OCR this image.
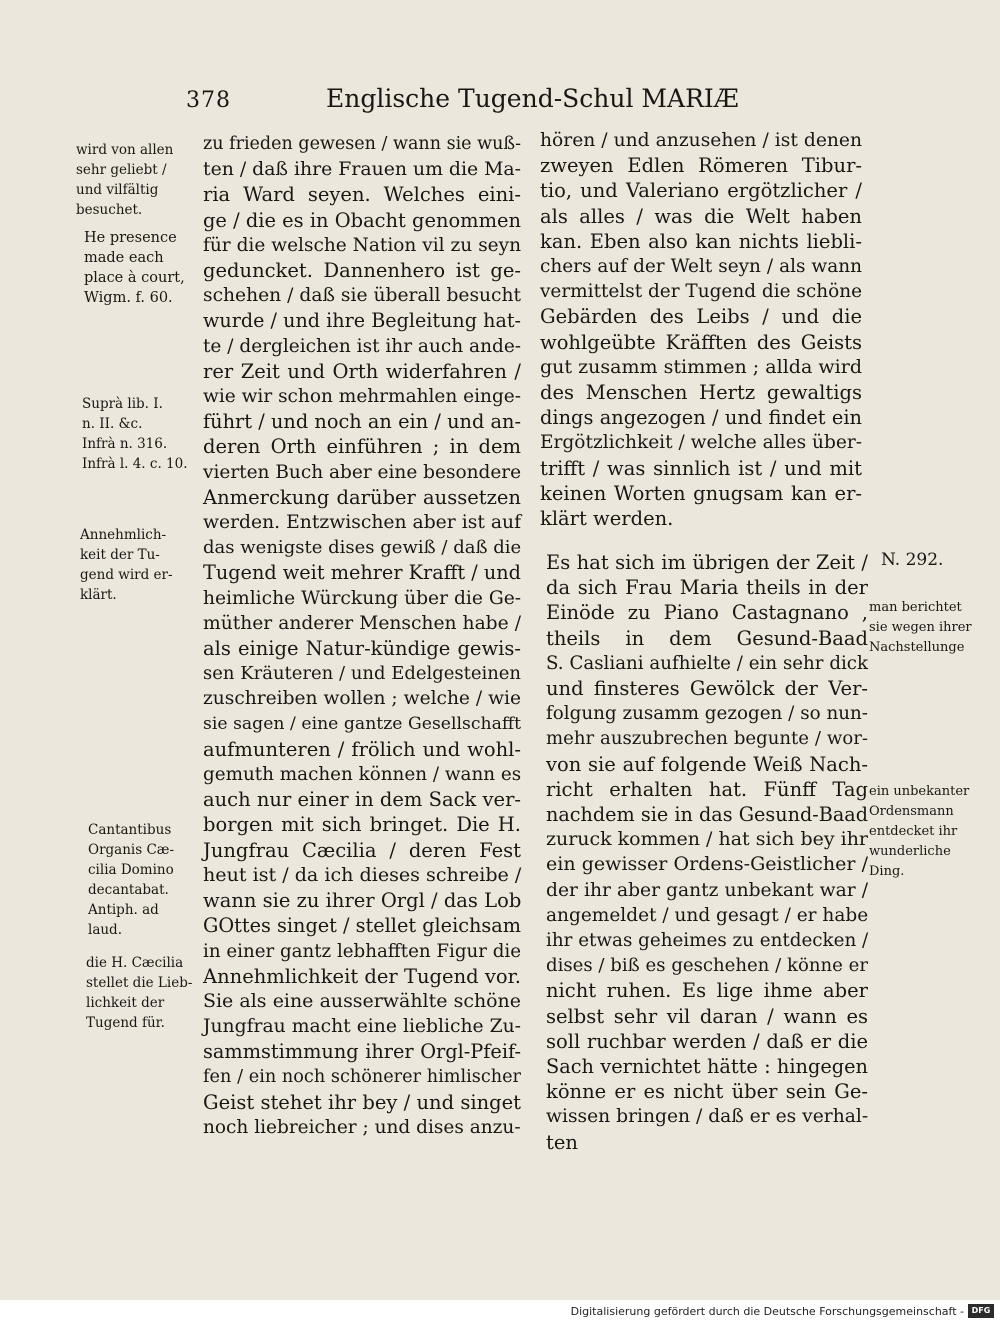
378	Englische Tugend-Schul MARIÆ
zu frieden gewesen / wann sie wuß-
ten / daß ihre Frauen um die Ma-
ria Ward seyen. Welches eini-
ge / die es in Obacht genommen
für die welsche Nation vil zu seyn
geduncket. Dannenhero ist ge-
schehen / daß sie überall besucht
wurde / und ihre Begleitung hat-
te / dergleichen ist ihr auch ande-
rer Zeit und Orth widerfahren /
wie wir schon mehrmahlen einge-
führt / und noch an ein / und an-
deren Orth einführen ; in dem
vierten Buch aber eine besondere
Anmerckung darüber aussetzen
werden. Entzwischen aber ist auf
das wenigste dises gewiß / daß die
Tugend weit mehrer Krafft / und
heimliche Würckung über die Ge-
müther anderer Menschen habe /
als einige Natur-kündige gewis-
sen Kräuteren / und Edelgesteinen
zuschreiben wollen ; welche / wie
sie sagen / eine gantze Gesellschafft
aufmunteren / frölich und wohl-
gemuth machen können / wann es
auch nur einer in dem Sack ver-
borgen mit sich bringet. Die H.
Jungfrau Cæcilia / deren Fest
heut ist / da ich dieses schreibe /
wann sie zu ihrer Orgl / das Lob
GOttes singet / stellet gleichsam
in einer gantz lebhafften Figur die
Annehmlichkeit der Tugend vor.
Sie als eine ausserwählte schöne
Jungfrau macht eine liebliche Zu-
sammstimmung ihrer Orgl-Pfeif-
fen / ein noch schönerer himlischer
Geist stehet ihr bey / und singet
noch liebreicher ; und dises anzu-
hören / und anzusehen / ist denen
zweyen Edlen Römeren Tibur-
tio, und Valeriano ergötzlicher /
als alles / was die Welt haben
kan. Eben also kan nichts liebli-
chers auf der Welt seyn / als wann
vermittelst der Tugend die schöne
Gebärden des Leibs / und die
wohlgeübte Kräfften des Geists
gut zusamm stimmen ; allda wird
des Menschen Hertz gewaltigs
dings angezogen / und findet ein
Ergötzlichkeit / welche alles über-
trifft / was sinnlich ist / und mit
keinen Worten gnugsam kan er-
klärt werden.
N. 292.
Es hat sich im übrigen der Zeit /
da sich Frau Maria theils in der
Einöde zu Piano Castagnano ,
theils in dem Gesund-Baad
S. Casliani aufhielte / ein sehr dick
und finsteres Gewölck der Ver-
folgung zusamm gezogen / so nun-
mehr auszubrechen begunte / wor-
von sie auf folgende Weiß Nach-
richt erhalten hat. Fünff Tag
nachdem sie in das Gesund-Baad
zuruck kommen / hat sich bey ihr
ein gewisser Ordens-Geistlicher /
der ihr aber gantz unbekant war /
angemeldet / und gesagt / er habe
ihr etwas geheimes zu entdecken /
dises / biß es geschehen / könne er
nicht ruhen. Es lige ihme aber
selbst sehr vil daran / wann es
soll ruchbar werden / daß er die
Sach vernichtet hätte : hingegen
könne er es nicht über sein Ge-
wissen bringen / daß er es verhal-
ten
wird von allen
sehr geliebt /
und vilfältig
besuchet.
He presence
made each
place à court,
Wigm. f. 60.
Suprà lib. I.
n. II. &c.
Infrà n. 316.
Infrà l. 4. c. 10.
Annehmlich-
keit der Tu-
gend wird er-
klärt.
Cantantibus
Organis Cæ-
cilia Domino
decantabat.
Antiph. ad
laud.
die H. Cæcilia
stellet die Lieb-
lichkeit der
Tugend für.
man berichtet
sie wegen ihrer
Nachstellunge
ein unbekanter
Ordensmann
entdecket ihr
wunderliche
Ding.
Digitalisierung gefördert durch die Deutsche Forschungsgemeinschaft - DFG
